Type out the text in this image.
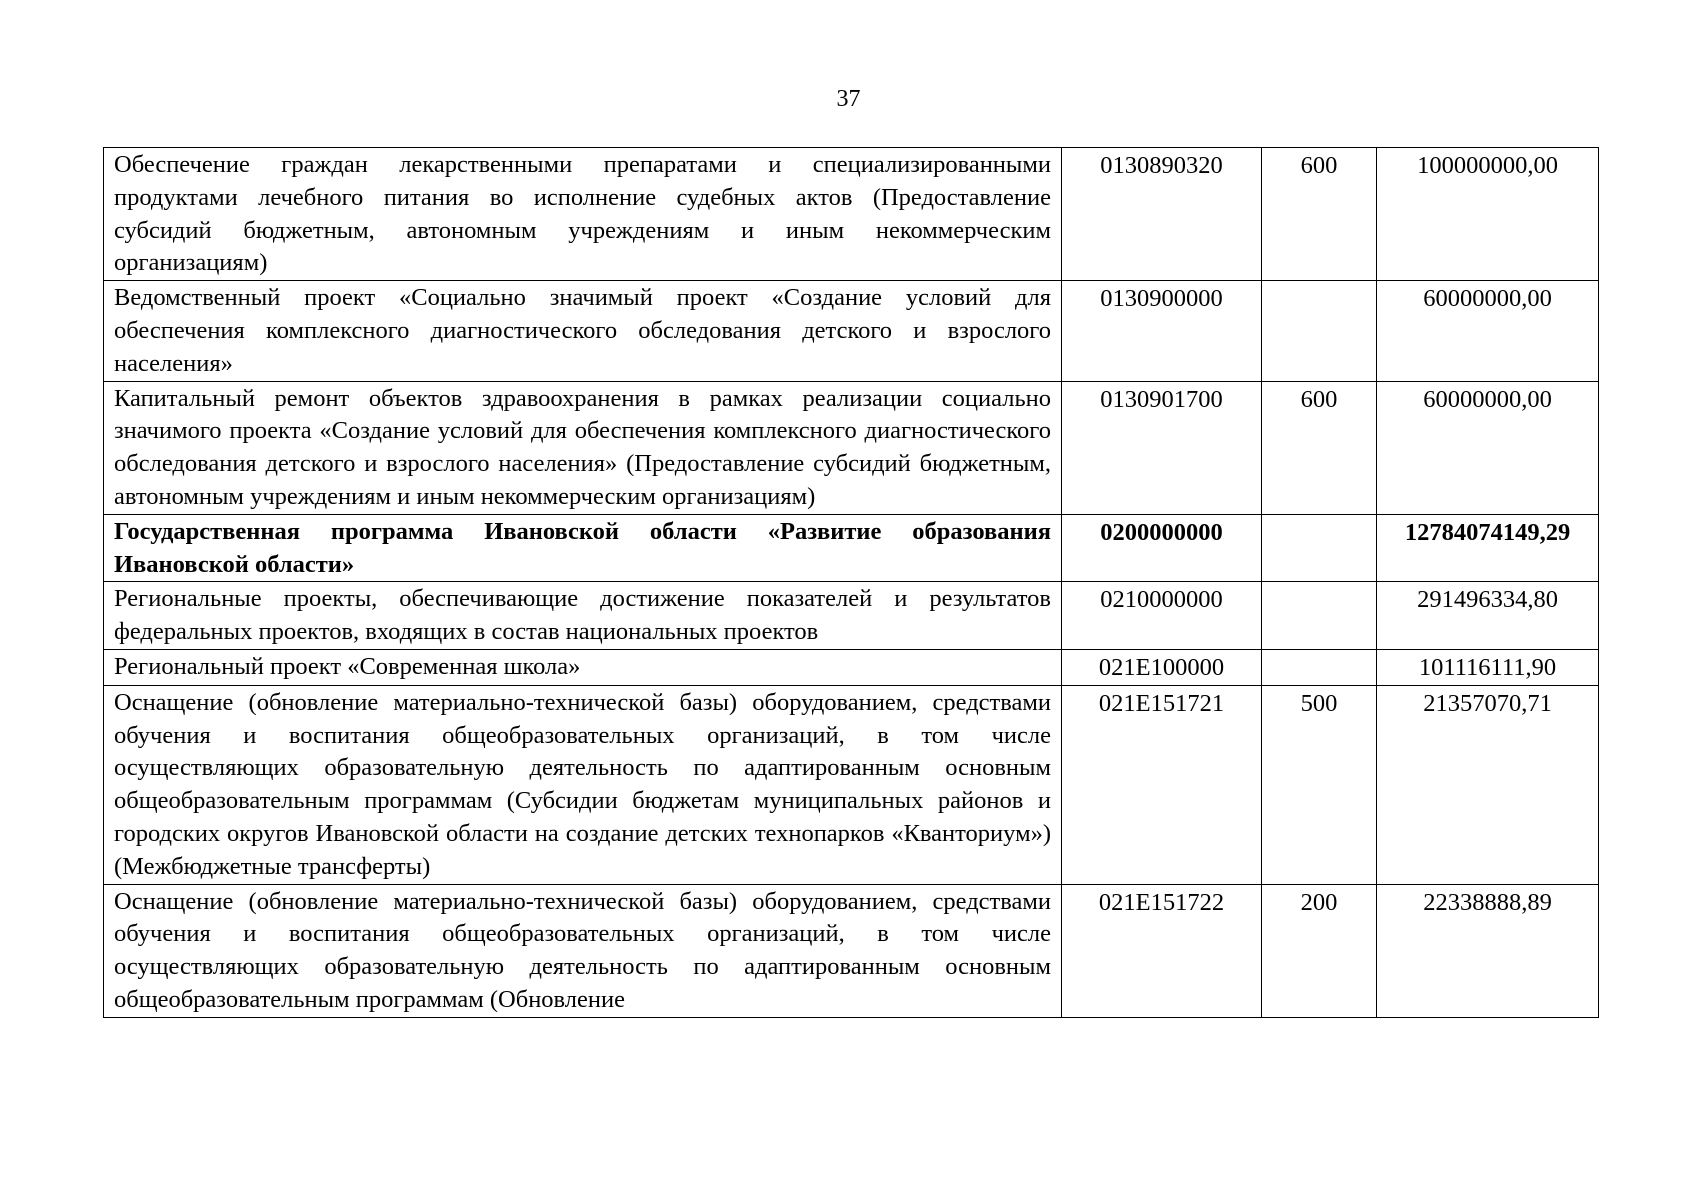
37
Обеспечение граждан лекарственными препаратами и специализированными продуктами лечебного питания во исполнение судебных актов (Предоставление субсидий бюджетным, автономным учреждениям и иным некоммерческим организациям)	0130890320	600	100000000,00
Ведомственный проект «Социально значимый проект «Создание условий для обеспечения комплексного диагностического обследования детского и взрослого населения»	0130900000		60000000,00
Капитальный ремонт объектов здравоохранения в рамках реализации социально значимого проекта «Создание условий для обеспечения комплексного диагностического обследования детского и взрослого населения» (Предоставление субсидий бюджетным, автономным учреждениям и иным некоммерческим организациям)	0130901700	600	60000000,00
Государственная программа Ивановской области «Развитие образования Ивановской области»	0200000000		12784074149,29
Региональные проекты, обеспечивающие достижение показателей и результатов федеральных проектов, входящих в состав национальных проектов	0210000000		291496334,80
Региональный проект «Современная школа»	021Е100000		101116111,90
Оснащение (обновление материально-технической базы) оборудованием, средствами обучения и воспитания общеобразовательных организаций, в том числе осуществляющих образовательную деятельность по адаптированным основным общеобразовательным программам (Субсидии бюджетам муниципальных районов и городских округов Ивановской области на создание детских технопарков «Кванториум») (Межбюджетные трансферты)	021Е151721	500	21357070,71
Оснащение (обновление материально-технической базы) оборудованием, средствами обучения и воспитания общеобразовательных организаций, в том числе осуществляющих образовательную деятельность по адаптированным основным общеобразовательным программам (Обновление	021Е151722	200	22338888,89
